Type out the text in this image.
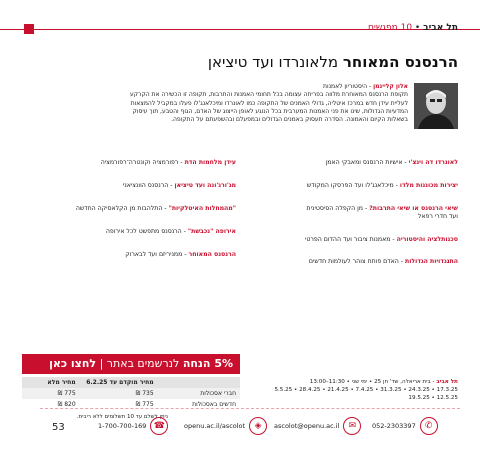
תל אביב • 10 מפגשים
הרנסנס המאוחר מלאונרדו ועד טיציאן
אלון קליינמן - היסטוריון לאמנות
תקופת הרנסנס המאוחרת מלווה בפריחה עצומה בכל תחומי האמנות והתרבות, תקופה זו הכשירה את הקרקע
לעליית עידן חדש במרכז איטליה, גדולי האמנים של התקופה כמו לאונרדו ומיכלאנג'לו פעלו במקביל להמצאות
המדעיות הגדולות, שינו את פני האמנות המערבית בכל הנוגע לאופן הייצוג של האדם, הגוף והטבע, תוך עיסוק
בשאלות הקיום והאמונה. הסדרה תעסוק באמנים הגדולים ובמפעלם ובהשפעתם על התקופה.
לאונרדו דה וינצ'י - אישיות הרנסנס ומאבקי האמן
יצירות מכוננות מלדו - מיכלאנג'לו ועד הפרסקו המקודש
שיאי הרנסנס או שיאי התרבות? - מן הקפלה הסיסטינית
ועד חדרי רפאל
סכנותלציה והיסטוריה - מאמנות ציבור ועד ההדום הפרטי
התנגדויות הגדולות - האדם פותח צוהר לעולמות חדשים
עידן מלחמות הדת - רפורמציה וקונטרה־רפורמציה
מג'ורג'ונה ועד טיציאן - הרנסנס הוונציאני
"מהמחלות האיטלקיות" - התלהבות מן הקלאסיקה החדשה
אירופה "נכבשת" - הרנסנס מתפשט לכל אירופה
הרנסנס המאוחר - ממניריזם ועד לבארוק
5% הנחה לנרשמים באתר | לחצו כאן
	מחיר מוקדם עד 6.2.25	מחיר מלא
חברי אסכולות	735 ₪	775 ₪
חדשים באסכולות	775 ₪	820 ₪
ניתן לשלם עד 10 תשלומים ללא ריבית.
תל אביב - בית אריאלה, שד' חן 25 • ימי שני • 11:30–13:00
17.3.25 • 24.3.25 • 31.3.25 • 7.4.25 • 21.4.25 • 28.4.25 • 5.5.25
12.5.25 • 19.5.25
052-2303397	✆
ascolot@openu.ac.il	✉
openu.ac.il/ascolot	◈
1-700-700-169 ☎
53
